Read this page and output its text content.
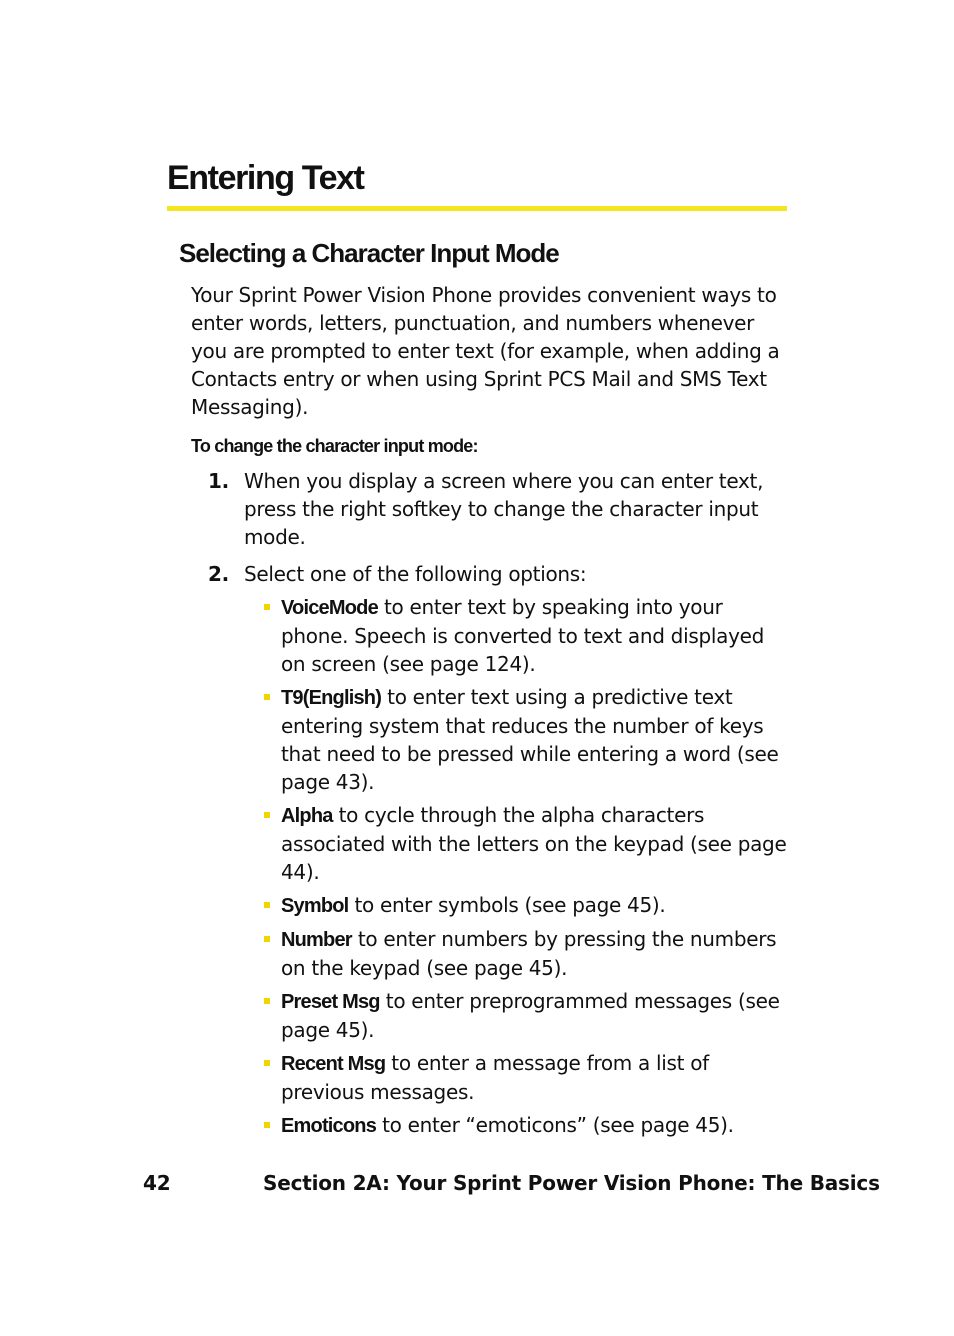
Entering Text
Selecting a Character Input Mode

Your Sprint Power Vision Phone provides convenient ways to enter words, letters, punctuation, and numbers whenever you are prompted to enter text (for example, when adding a Contacts entry or when using Sprint PCS Mail and SMS Text Messaging).

To change the character input mode:

1. When you display a screen where you can enter text, press the right softkey to change the character input mode.
2. Select one of the following options:
VoiceMode to enter text by speaking into your phone. Speech is converted to text and displayed on screen (see page 124).
T9(English) to enter text using a predictive text entering system that reduces the number of keys that need to be pressed while entering a word (see page 43).
Alpha to cycle through the alpha characters associated with the letters on the keypad (see page 44).
Symbol to enter symbols (see page 45).
Number to enter numbers by pressing the numbers on the keypad (see page 45).
Preset Msg to enter preprogrammed messages (see page 45).
Recent Msg to enter a message from a list of previous messages.
Emoticons to enter “emoticons” (see page 45).
42	Section 2A: Your Sprint Power Vision Phone: The Basics
